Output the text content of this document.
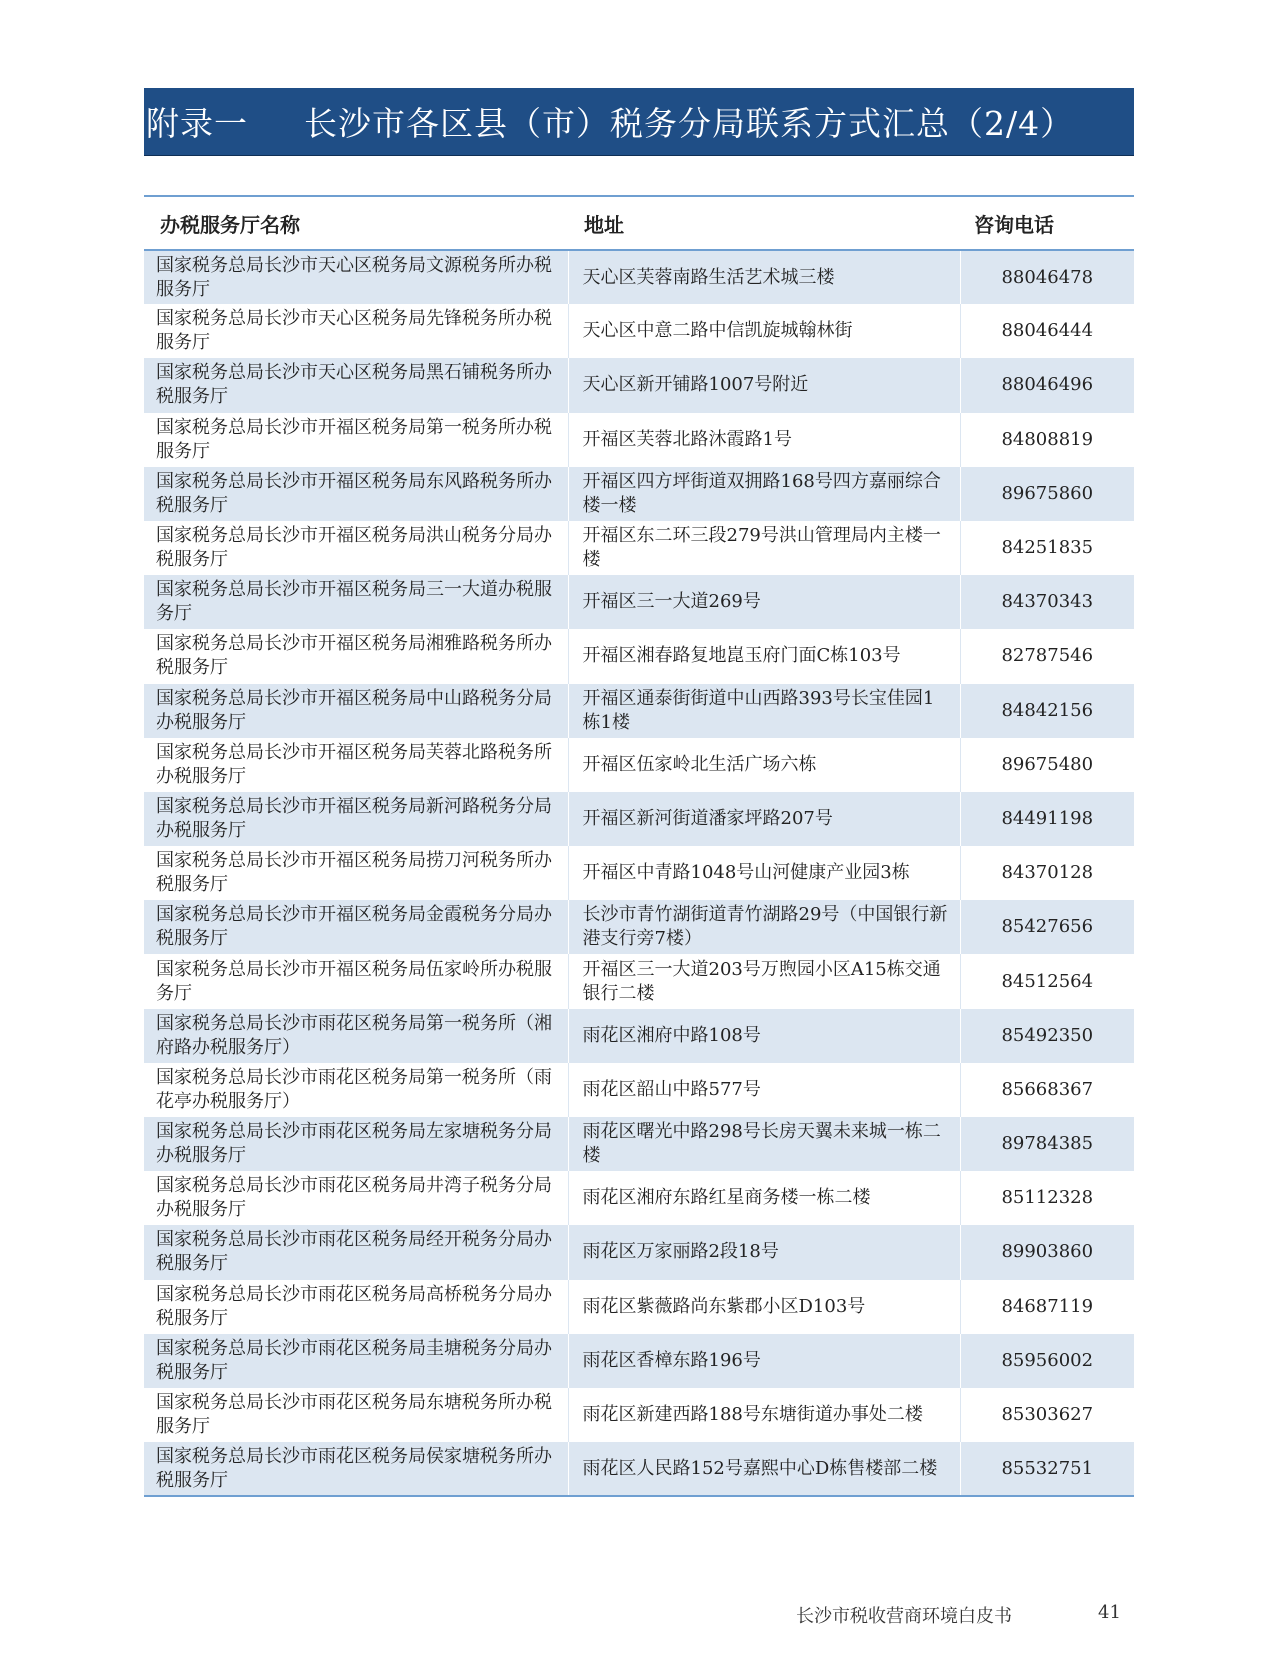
附录一 长沙市各区县（市）税务分局联系方式汇总（2/4）
办税服务厅名称	地址	咨询电话
国家税务总局长沙市天心区税务局文源税务所办税服务厅	天心区芙蓉南路生活艺术城三楼	88046478
国家税务总局长沙市天心区税务局先锋税务所办税服务厅	天心区中意二路中信凯旋城翰林街	88046444
国家税务总局长沙市天心区税务局黑石铺税务所办税服务厅	天心区新开铺路1007号附近	88046496
国家税务总局长沙市开福区税务局第一税务所办税服务厅	开福区芙蓉北路沐霞路1号	84808819
国家税务总局长沙市开福区税务局东风路税务所办税服务厅	开福区四方坪街道双拥路168号四方嘉丽综合楼一楼	89675860
国家税务总局长沙市开福区税务局洪山税务分局办税服务厅	开福区东二环三段279号洪山管理局内主楼一楼	84251835
国家税务总局长沙市开福区税务局三一大道办税服务厅	开福区三一大道269号	84370343
国家税务总局长沙市开福区税务局湘雅路税务所办税服务厅	开福区湘春路复地崑玉府门面C栋103号	82787546
国家税务总局长沙市开福区税务局中山路税务分局办税服务厅	开福区通泰街街道中山西路393号长宝佳园1栋1楼	84842156
国家税务总局长沙市开福区税务局芙蓉北路税务所办税服务厅	开福区伍家岭北生活广场六栋	89675480
国家税务总局长沙市开福区税务局新河路税务分局办税服务厅	开福区新河街道潘家坪路207号	84491198
国家税务总局长沙市开福区税务局捞刀河税务所办税服务厅	开福区中青路1048号山河健康产业园3栋	84370128
国家税务总局长沙市开福区税务局金霞税务分局办税服务厅	长沙市青竹湖街道青竹湖路29号（中国银行新港支行旁7楼）	85427656
国家税务总局长沙市开福区税务局伍家岭所办税服务厅	开福区三一大道203号万煦园小区A15栋交通银行二楼	84512564
国家税务总局长沙市雨花区税务局第一税务所（湘府路办税服务厅）	雨花区湘府中路108号	85492350
国家税务总局长沙市雨花区税务局第一税务所（雨花亭办税服务厅）	雨花区韶山中路577号	85668367
国家税务总局长沙市雨花区税务局左家塘税务分局办税服务厅	雨花区曙光中路298号长房天翼未来城一栋二楼	89784385
国家税务总局长沙市雨花区税务局井湾子税务分局办税服务厅	雨花区湘府东路红星商务楼一栋二楼	85112328
国家税务总局长沙市雨花区税务局经开税务分局办税服务厅	雨花区万家丽路2段18号	89903860
国家税务总局长沙市雨花区税务局高桥税务分局办税服务厅	雨花区紫薇路尚东紫郡小区D103号	84687119
国家税务总局长沙市雨花区税务局圭塘税务分局办税服务厅	雨花区香樟东路196号	85956002
国家税务总局长沙市雨花区税务局东塘税务所办税服务厅	雨花区新建西路188号东塘街道办事处二楼	85303627
国家税务总局长沙市雨花区税务局侯家塘税务所办税服务厅	雨花区人民路152号嘉熙中心D栋售楼部二楼	85532751
长沙市税收营商环境白皮书	41
